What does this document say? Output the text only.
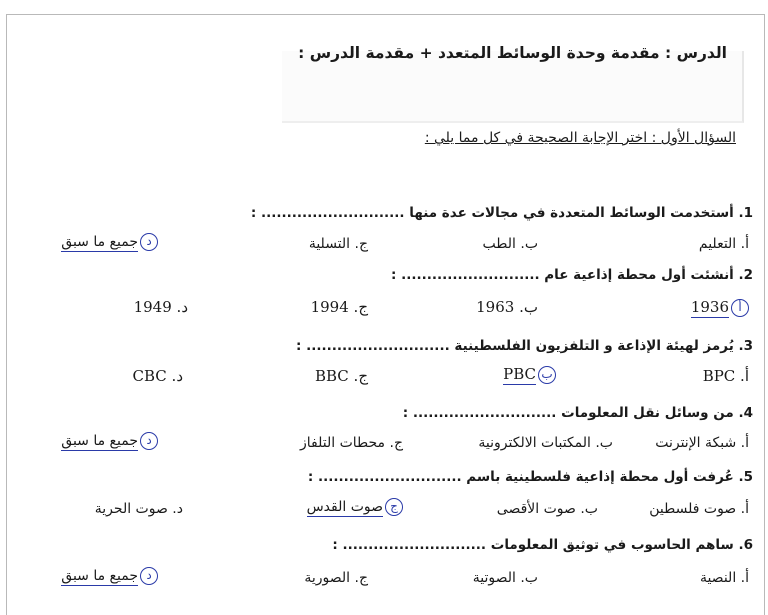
الدرس : مقدمة وحدة الوسائط المتعدد + مقدمة الدرس :
السؤال الأول : اختر الإجابة الصحيحة في كل مما يلي :
1. أستخدمت الوسائط المتعددة في مجالات عدة منها ............................ :
أ. التعليم
ب. الطب
ج. التسلية
دجميع ما سبق
2. أنشئت أول محطة إذاعية عام ........................... :
أ1936
ب. 1963
ج. 1994
د. 1949
3. يُرمز لهيئة الإذاعة و التلفزيون الفلسطينية ............................ :
أ. BPC
بPBC
ج. BBC
د. CBC
4. من وسائل نقل المعلومات ............................ :
أ. شبكة الإنترنت
ب. المكتبات الالكترونية
ج. محطات التلفاز
دجميع ما سبق
5. عُرفت أول محطة إذاعية فلسطينية باسم ............................ :
أ. صوت فلسطين
ب. صوت الأقصى
جصوت القدس
د. صوت الحرية
6. ساهم الحاسوب في توثيق المعلومات ............................ :
أ. النصية
ب. الصوتية
ج. الصورية
دجميع ما سبق
